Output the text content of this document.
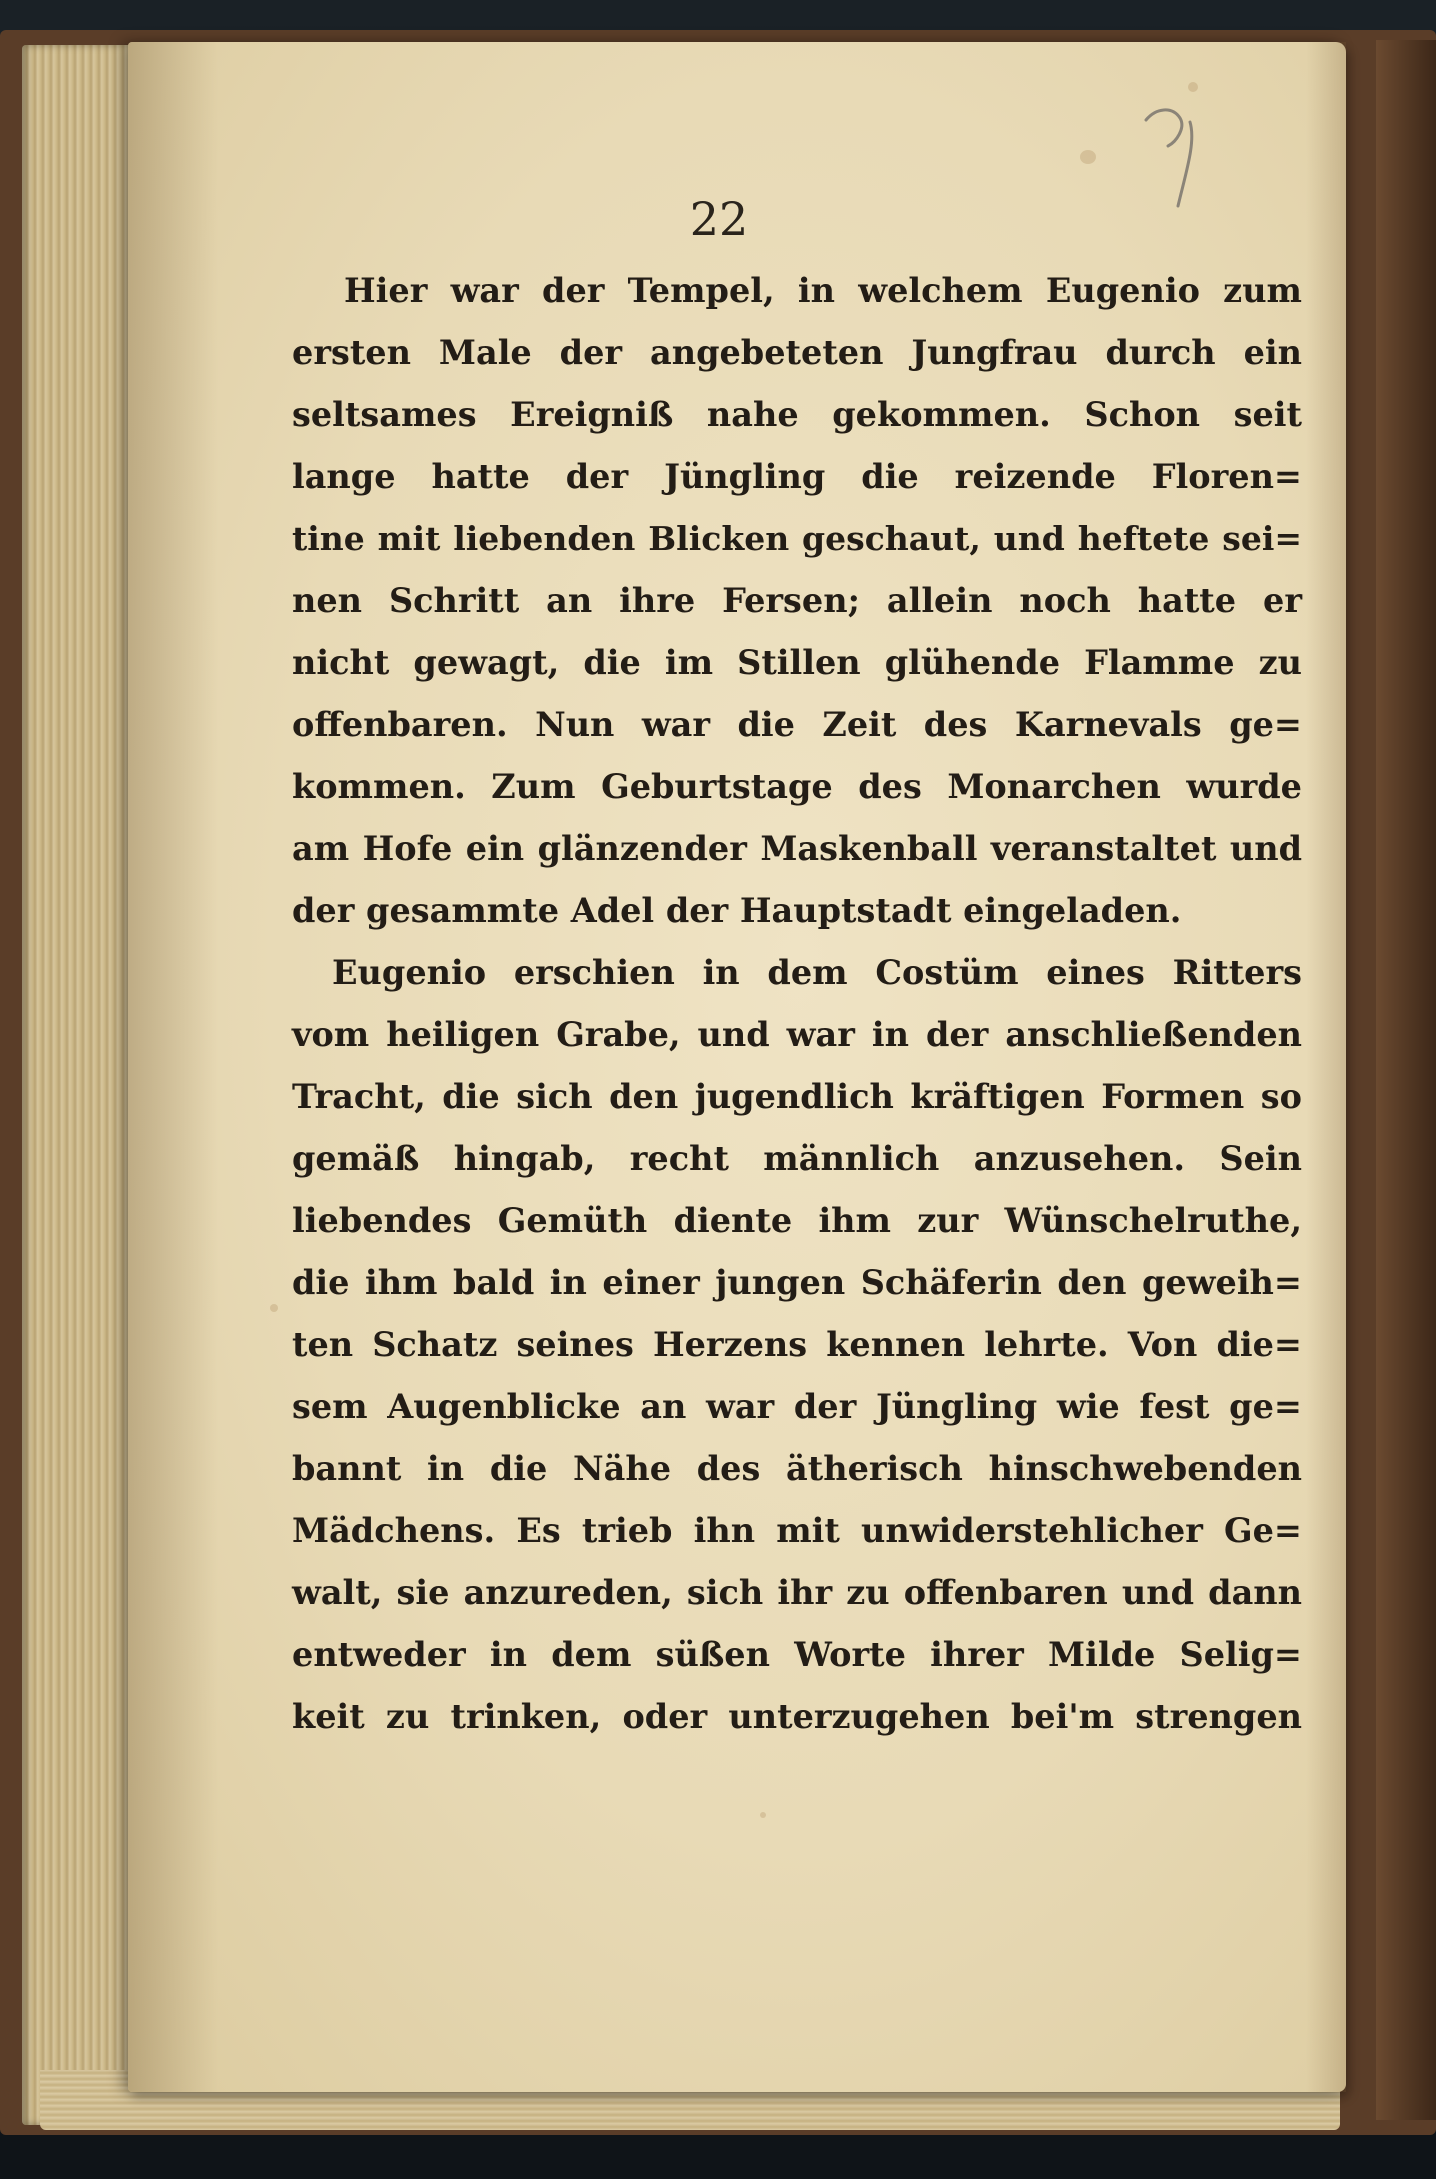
22
Hier war der Tempel, in welchem Eugenio zum
ersten Male der angebeteten Jungfrau durch ein
seltsames Ereigniß nahe gekommen. Schon seit
lange hatte der Jüngling die reizende Floren=
tine mit liebenden Blicken geschaut, und heftete sei=
nen Schritt an ihre Fersen; allein noch hatte er
nicht gewagt, die im Stillen glühende Flamme zu
offenbaren. Nun war die Zeit des Karnevals ge=
kommen. Zum Geburtstage des Monarchen wurde
am Hofe ein glänzender Maskenball veranstaltet und
der gesammte Adel der Hauptstadt eingeladen.
Eugenio erschien in dem Costüm eines Ritters
vom heiligen Grabe, und war in der anschließenden
Tracht, die sich den jugendlich kräftigen Formen so
gemäß hingab, recht männlich anzusehen. Sein
liebendes Gemüth diente ihm zur Wünschelruthe,
die ihm bald in einer jungen Schäferin den geweih=
ten Schatz seines Herzens kennen lehrte. Von die=
sem Augenblicke an war der Jüngling wie fest ge=
bannt in die Nähe des ätherisch hinschwebenden
Mädchens. Es trieb ihn mit unwiderstehlicher Ge=
walt, sie anzureden, sich ihr zu offenbaren und dann
entweder in dem süßen Worte ihrer Milde Selig=
keit zu trinken, oder unterzugehen bei'm strengen
